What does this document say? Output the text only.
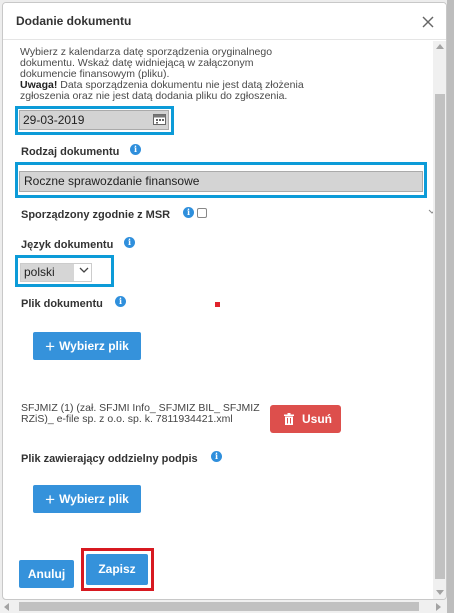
Dodanie dokumentu
Wybierz z kalendarza datę sporządzenia oryginalnego dokumentu. Wskaż datę widniejącą w załączonym dokumencie finansowym (pliku).
Uwaga! Data sporządzenia dokumentu nie jest datą złożenia zgłoszenia oraz nie jest datą dodania pliku do zgłoszenia.
29-03-2019
Rodzaj dokumentu	i
Roczne sprawozdanie finansowe
Sporządzony zgodnie z MSR	i
Język dokumentu	i
polski
Plik dokumentu	i
+ Wybierz plik
SFJMIZ (1) (zał. SFJMI Info_ SFJMIZ BIL_ SFJMIZ RZiS)_ e-file sp. z o.o. sp. k. 7811934421.xml	Usuń
Plik zawierający oddzielny podpis	i
+ Wybierz plik
Anuluj	Zapisz
